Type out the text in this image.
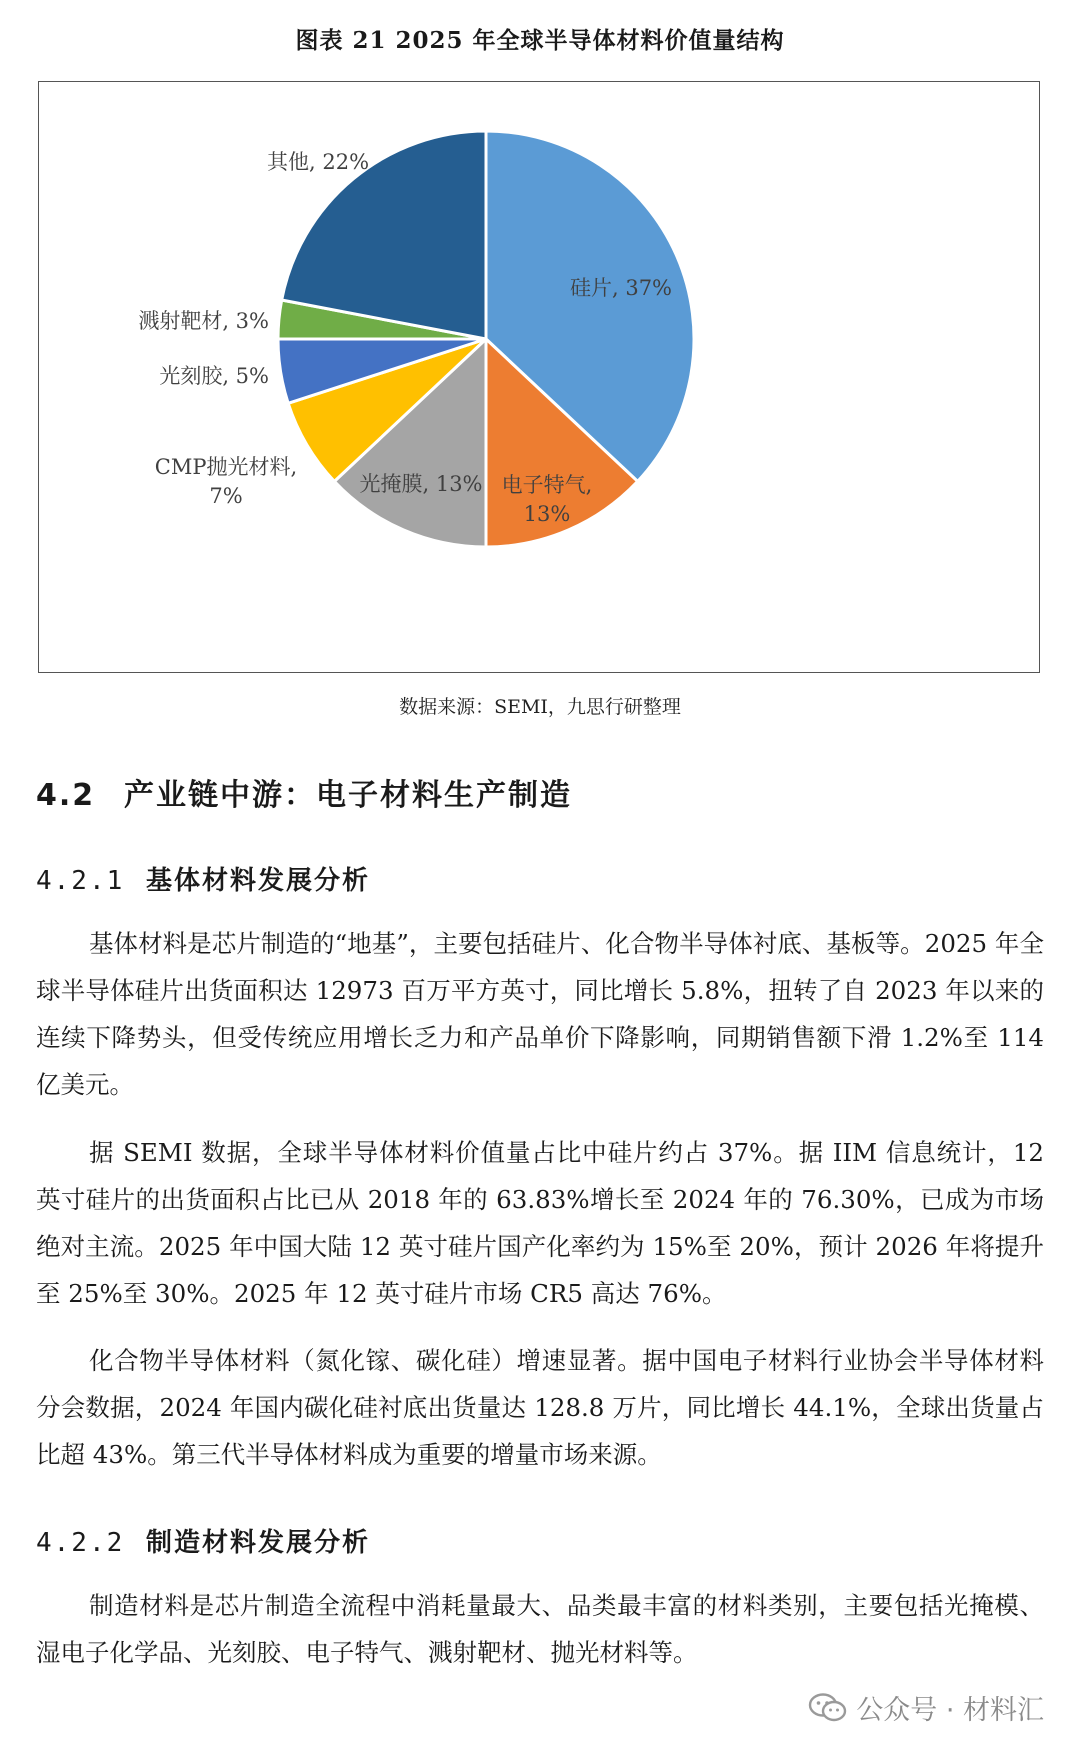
图表 21 2025 年全球半导体材料价值量结构
硅片, 37%
电子特气, 13%
光掩膜, 13%
CMP抛光材料, 7%
光刻胶, 5%
溅射靶材, 3%
其他, 22%
数据来源：SEMI，九思行研整理
4.2 产业链中游：电子材料生产制造
4.2.1 基体材料发展分析

基体材料是芯片制造的“地基”，主要包括硅片、化合物半导体衬底、基板等。2025 年全球半导体硅片出货面积达 12973 百万平方英寸，同比增长 5.8%，扭转了自 2023 年以来的连续下降势头，但受传统应用增长乏力和产品单价下降影响，同期销售额下滑 1.2%至 114 亿美元。

据 SEMI 数据，全球半导体材料价值量占比中硅片约占 37%。据 IIM 信息统计，12 英寸硅片的出货面积占比已从 2018 年的 63.83%增长至 2024 年的 76.30%，已成为市场绝对主流。2025 年中国大陆 12 英寸硅片国产化率约为 15%至 20%，预计 2026 年将提升至 25%至 30%。2025 年 12 英寸硅片市场 CR5 高达 76%。

化合物半导体材料（氮化镓、碳化硅）增速显著。据中国电子材料行业协会半导体材料分会数据，2024 年国内碳化硅衬底出货量达 128.8 万片，同比增长 44.1%，全球出货量占比超 43%。第三代半导体材料成为重要的增量市场来源。

4.2.2 制造材料发展分析

制造材料是芯片制造全流程中消耗量最大、品类最丰富的材料类别，主要包括光掩模、湿电子化学品、光刻胶、电子特气、溅射靶材、抛光材料等。

公众号 · 材料汇
